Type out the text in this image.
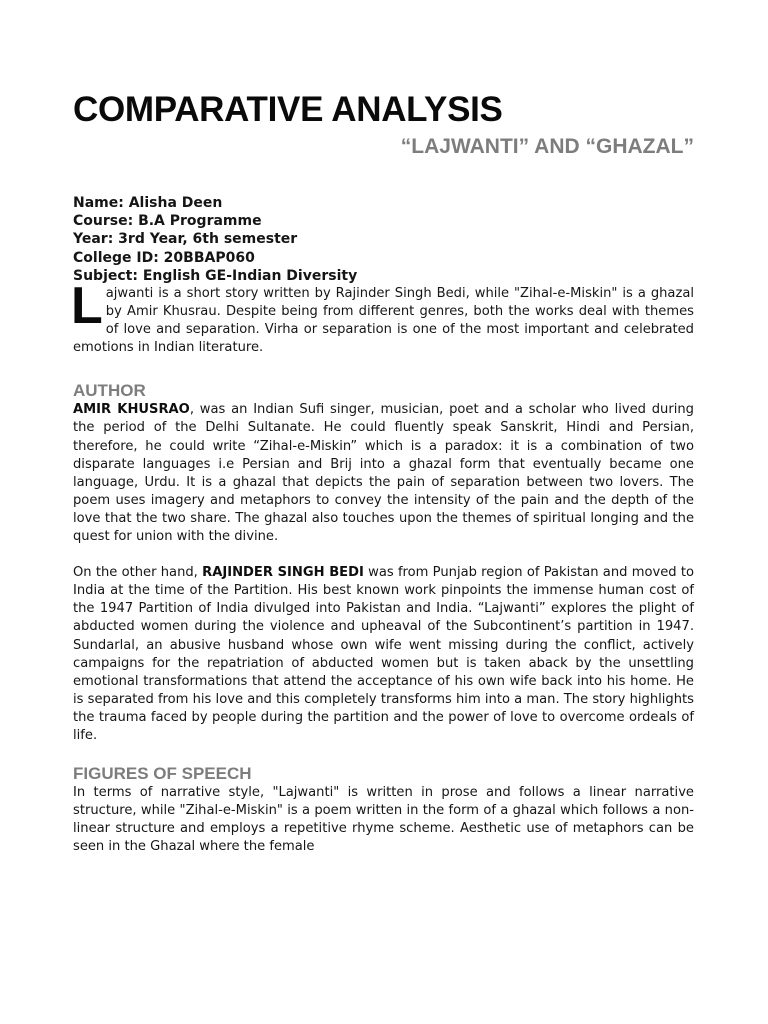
COMPARATIVE ANALYSIS
“LAJWANTI” AND “GHAZAL”
Name: Alisha Deen
Course: B.A Programme
Year: 3rd Year, 6th semester
College ID: 20BBAP060
Subject: English GE-Indian Diversity

Lajwanti is a short story written by Rajinder Singh Bedi, while "Zihal-e-Miskin" is a ghazal by Amir Khusrau. Despite being from different genres, both the works deal with themes of love and separation. Virha or separation is one of the most important and celebrated emotions in Indian literature.

AUTHOR

AMIR KHUSRAO, was an Indian Sufi singer, musician, poet and a scholar who lived during the period of the Delhi Sultanate. He could fluently speak Sanskrit, Hindi and Persian, therefore, he could write “Zihal-e-Miskin” which is a paradox: it is a combination of two disparate languages i.e Persian and Brij into a ghazal form that eventually became one language, Urdu. It is a ghazal that depicts the pain of separation between two lovers. The poem uses imagery and metaphors to convey the intensity of the pain and the depth of the love that the two share. The ghazal also touches upon the themes of spiritual longing and the quest for union with the divine.

On the other hand, RAJINDER SINGH BEDI was from Punjab region of Pakistan and moved to India at the time of the Partition. His best known work pinpoints the immense human cost of the 1947 Partition of India divulged into Pakistan and India. “Lajwanti” explores the plight of abducted women during the violence and upheaval of the Subcontinent’s partition in 1947. Sundarlal, an abusive husband whose own wife went missing during the conflict, actively campaigns for the repatriation of abducted women but is taken aback by the unsettling emotional transformations that attend the acceptance of his own wife back into his home. He is separated from his love and this completely transforms him into a man. The story highlights the trauma faced by people during the partition and the power of love to overcome ordeals of life.

FIGURES OF SPEECH

In terms of narrative style, "Lajwanti" is written in prose and follows a linear narrative structure, while "Zihal-e-Miskin" is a poem written in the form of a ghazal which follows a non-linear structure and employs a repetitive rhyme scheme. Aesthetic use of metaphors can be seen in the Ghazal where the female
